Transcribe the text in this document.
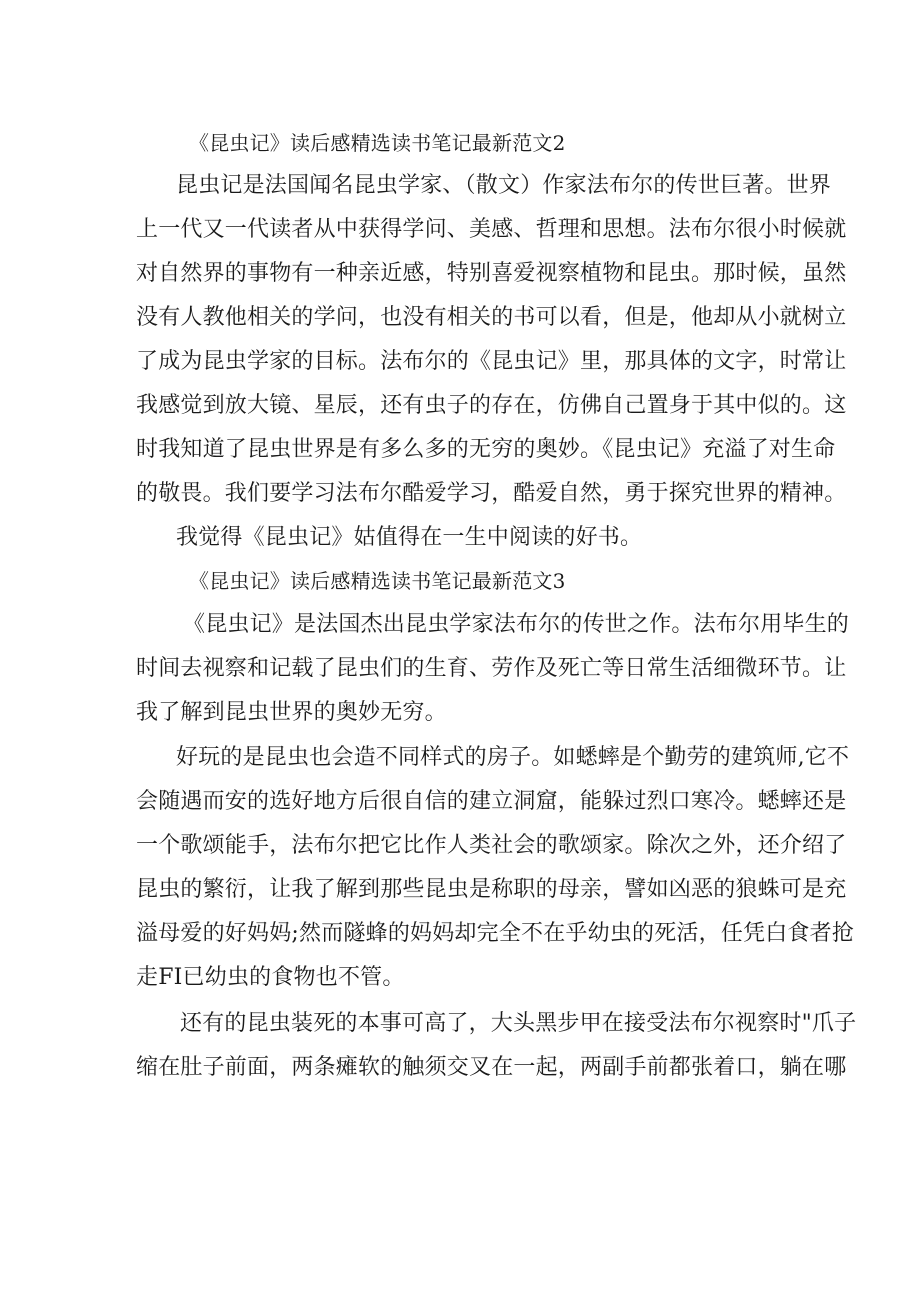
《昆虫记》读后感精选读书笔记最新范文2
昆虫记是法国闻名昆虫学家、（散文）作家法布尔的传世巨著。世界
上一代又一代读者从中获得学问、美感、哲理和思想。法布尔很小时候就
对自然界的事物有一种亲近感，特别喜爱视察植物和昆虫。那时候，虽然
没有人教他相关的学问，也没有相关的书可以看，但是，他却从小就树立
了成为昆虫学家的目标。法布尔的《昆虫记》里，那具体的文字，时常让
我感觉到放大镜、星辰，还有虫子的存在，仿佛自己置身于其中似的。这
时我知道了昆虫世界是有多么多的无穷的奥妙。《昆虫记》充溢了对生命
的敬畏。我们要学习法布尔酷爱学习，酷爱自然，勇于探究世界的精神。
我觉得《昆虫记》姑值得在一生中阅读的好书。
《昆虫记》读后感精选读书笔记最新范文3
《昆虫记》是法国杰出昆虫学家法布尔的传世之作。法布尔用毕生的
时间去视察和记载了昆虫们的生育、劳作及死亡等日常生活细微环节。让
我了解到昆虫世界的奥妙无穷。
好玩的是昆虫也会造不同样式的房子。如蟋蟀是个勤劳的建筑师,它不
会随遇而安的选好地方后很自信的建立洞窟，能躲过烈口寒冷。蟋蟀还是
一个歌颂能手，法布尔把它比作人类社会的歌颂家。除次之外，还介绍了
昆虫的繁衍，让我了解到那些昆虫是称职的母亲，譬如凶恶的狼蛛可是充
溢母爱的好妈妈;然而隧蜂的妈妈却完全不在乎幼虫的死活，任凭白食者抢
走FI已幼虫的食物也不管。
还有的昆虫装死的本事可高了，大头黑步甲在接受法布尔视察时"爪子
缩在肚子前面，两条瘫软的触须交叉在一起，两副手前都张着口，躺在哪
